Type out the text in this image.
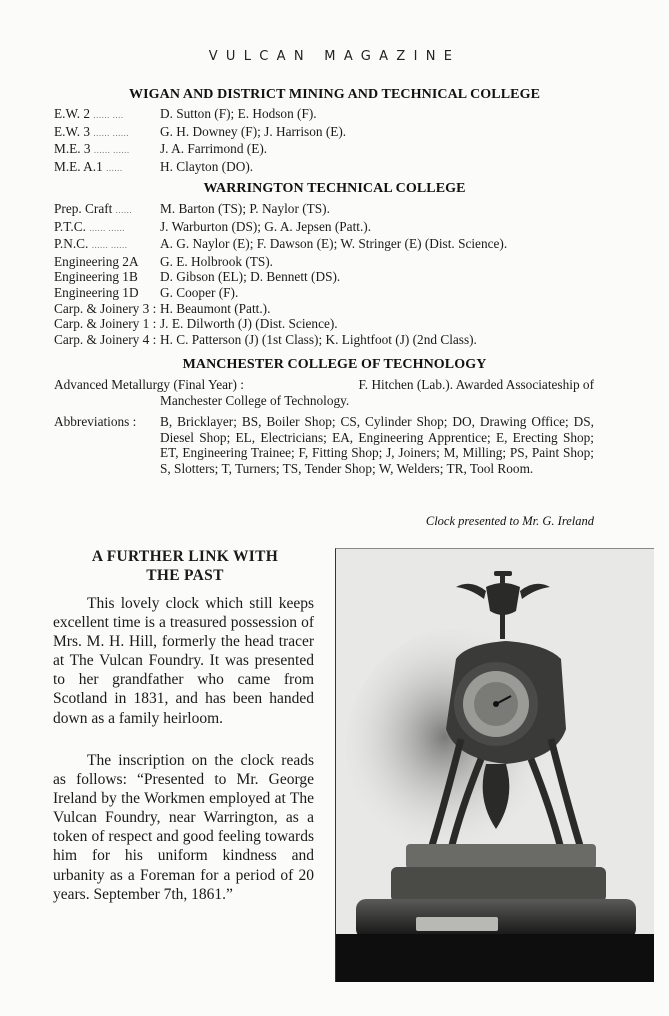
VULCAN MAGAZINE
WIGAN AND DISTRICT MINING AND TECHNICAL COLLEGE
E.W. 2 ...... ....	D. Sutton (F); E. Hodson (F).
E.W. 3 ...... ......	G. H. Downey (F); J. Harrison (E).
M.E. 3 ...... ......	J. A. Farrimond (E).
M.E. A.1 ......	H. Clayton (DO).
WARRINGTON TECHNICAL COLLEGE
Prep. Craft ......	M. Barton (TS); P. Naylor (TS).
P.T.C. ...... ......	J. Warburton (DS); G. A. Jepsen (Patt.).
P.N.C. ...... ......	A. G. Naylor (E); F. Dawson (E); W. Stringer (E) (Dist. Science).
Engineering 2A	G. E. Holbrook (TS).
Engineering 1B	D. Gibson (EL); D. Bennett (DS).
Engineering 1D	G. Cooper (F).
Carp. & Joinery 3 : H. Beaumont (Patt.).
Carp. & Joinery 1 : J. E. Dilworth (J) (Dist. Science).
Carp. & Joinery 4 : H. C. Patterson (J) (1st Class); K. Lightfoot (J) (2nd Class).
MANCHESTER COLLEGE OF TECHNOLOGY
Advanced Metallurgy (Final Year) :	F. Hitchen (Lab.). Awarded Associateship of
Manchester College of Technology.
Abbreviations :	B, Bricklayer; BS, Boiler Shop; CS, Cylinder Shop; DO, Drawing Office; DS, Diesel Shop; EL, Electricians; EA, Engineering Apprentice; E, Erecting Shop; ET, Engineering Trainee; F, Fitting Shop; J, Joiners; M, Milling; PS, Paint Shop; S, Slotters; T, Turners; TS, Tender Shop; W, Welders; TR, Tool Room.
Clock presented to Mr. G. Ireland
A FURTHER LINK WITH
THE PAST

This lovely clock which still keeps excellent time is a treasured possession of Mrs. M. H. Hill, formerly the head tracer at The Vulcan Foundry. It was presented to her grandfather who came from Scotland in 1831, and has been handed down as a family heirloom.

The inscription on the clock reads as follows: “Presented to Mr. George Ireland by the Workmen employed at The Vulcan Foundry, near Warrington, as a token of respect and good feeling towards him for his uniform kindness and urbanity as a Foreman for a period of 20 years. September 7th, 1861.”
